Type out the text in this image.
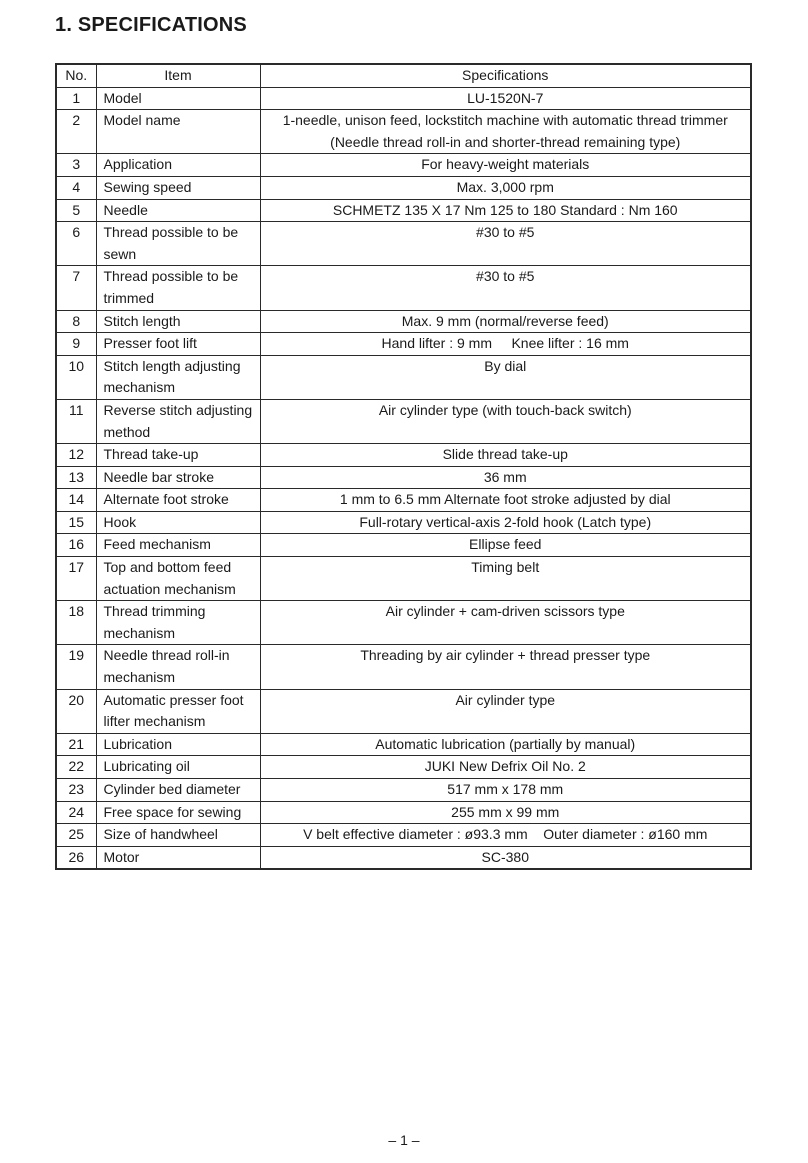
1. SPECIFICATIONS
No.	Item	Specifications
1	Model	LU-1520N-7

2	Model name	1-needle, unison feed, lockstitch machine with automatic thread trimmer
(Needle thread roll-in and shorter-thread remaining type)

3	Application	For heavy-weight materials

4	Sewing speed	Max. 3,000 rpm

5	Needle	SCHMETZ 135 X 17 Nm 125 to 180 Standard : Nm 160

6	Thread possible to be sewn	#30 to #5

7	Thread possible to be trimmed	#30 to #5

8	Stitch length	Max. 9 mm (normal/reverse feed)

9	Presser foot lift	Hand lifter : 9 mm     Knee lifter : 16 mm

10	Stitch length adjusting mechanism	By dial

11	Reverse stitch adjusting method	Air cylinder type (with touch-back switch)

12	Thread take-up	Slide thread take-up

13	Needle bar stroke	36 mm

14	Alternate foot stroke	1 mm to 6.5 mm Alternate foot stroke adjusted by dial

15	Hook	Full-rotary vertical-axis 2-fold hook (Latch type)

16	Feed mechanism	Ellipse feed

17	Top and bottom feed actuation mechanism	Timing belt

18	Thread trimming mechanism	Air cylinder + cam-driven scissors type

19	Needle thread roll-in mechanism	Threading by air cylinder + thread presser type

20	Automatic presser foot lifter mechanism	Air cylinder type

21	Lubrication	Automatic lubrication (partially by manual)

22	Lubricating oil	JUKI New Defrix Oil No. 2

23	Cylinder bed diameter	517 mm x 178 mm

24	Free space for sewing	255 mm x 99 mm

25	Size of handwheel	V belt effective diameter : ø93.3 mm    Outer diameter : ø160 mm

26	Motor	SC-380
– 1 –
